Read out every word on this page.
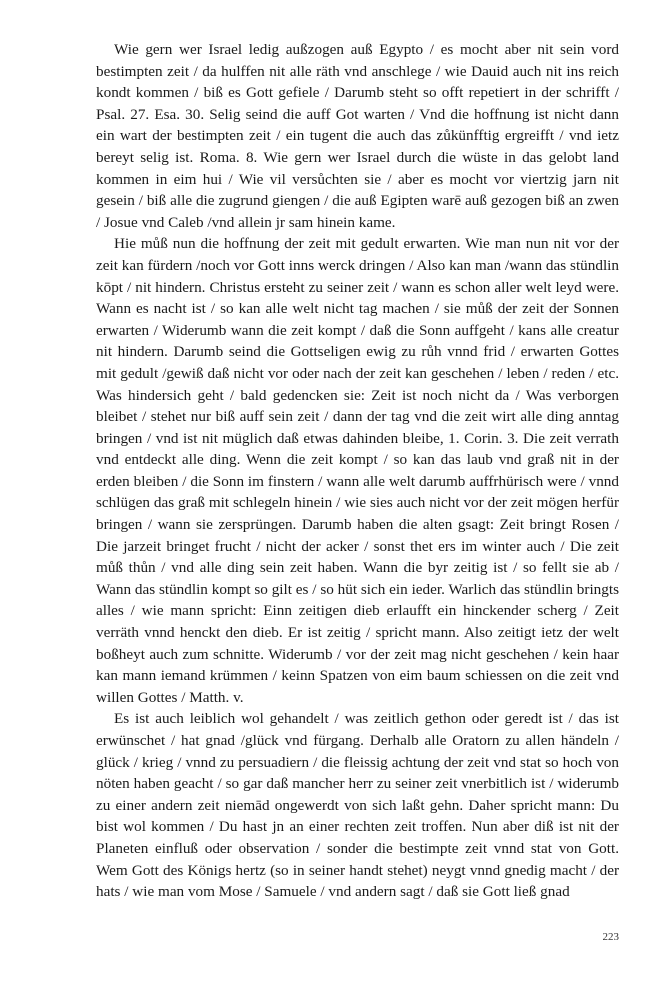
Wie gern wer Israel ledig außzogen auß Egypto / es mocht aber nit sein vord bestimpten zeit / da hulffen nit alle räth vnd anschlege / wie Dauid auch nit ins reich kondt kommen / biß es Gott gefiele / Darumb steht so offt repetiert in der schrifft / Psal. 27. Esa. 30. Selig seind die auff Got warten / Vnd die hoffnung ist nicht dann ein wart der bestimpten zeit / ein tugent die auch das zůkünfftig ergreifft / vnd ietz bereyt selig ist. Roma. 8. Wie gern wer Israel durch die wüste in das gelobt land kommen in eim hui / Wie vil versůchten sie / aber es mocht vor viertzig jarn nit gesein / biß alle die zugrund giengen / die auß Egipten warē auß gezogen biß an zwen / Josue vnd Caleb /vnd allein jr sam hinein kame.

Hie můß nun die hoffnung der zeit mit gedult erwarten. Wie man nun nit vor der zeit kan fürdern /noch vor Gott inns werck dringen / Also kan man /wann das stündlin kōpt / nit hindern. Christus ersteht zu seiner zeit / wann es schon aller welt leyd were. Wann es nacht ist / so kan alle welt nicht tag machen / sie můß der zeit der Sonnen erwarten / Widerumb wann die zeit kompt / daß die Sonn auffgeht / kans alle creatur nit hindern. Darumb seind die Gottseligen ewig zu růh vnnd frid / erwarten Gottes mit gedult /gewiß daß nicht vor oder nach der zeit kan geschehen / leben / reden / etc. Was hindersich geht / bald gedencken sie: Zeit ist noch nicht da / Was verborgen bleibet / stehet nur biß auff sein zeit / dann der tag vnd die zeit wirt alle ding anntag bringen / vnd ist nit müglich daß etwas dahinden bleibe, 1. Corin. 3. Die zeit verrath vnd entdeckt alle ding. Wenn die zeit kompt / so kan das laub vnd graß nit in der erden bleiben / die Sonn im finstern / wann alle welt darumb auffrhürisch were / vnnd schlügen das graß mit schlegeln hinein / wie sies auch nicht vor der zeit mögen herfür bringen / wann sie zersprüngen. Darumb haben die alten gsagt: Zeit bringt Rosen / Die jarzeit bringet frucht / nicht der acker / sonst thet ers im winter auch / Die zeit můß thůn / vnd alle ding sein zeit haben. Wann die byr zeitig ist / so fellt sie ab / Wann das stündlin kompt so gilt es / so hüt sich ein ieder. Warlich das stündlin bringts alles / wie mann spricht: Einn zeitigen dieb erlaufft ein hinckender scherg / Zeit verräth vnnd henckt den dieb. Er ist zeitig / spricht mann. Also zeitigt ietz der welt boßheyt auch zum schnitte. Widerumb / vor der zeit mag nicht geschehen / kein haar kan mann iemand krümmen / keinn Spatzen von eim baum schiessen on die zeit vnd willen Gottes / Matth. v.

Es ist auch leiblich wol gehandelt / was zeitlich gethon oder geredt ist / das ist erwünschet / hat gnad /glück vnd fürgang. Derhalb alle Oratorn zu allen händeln / glück / krieg / vnnd zu persuadiern / die fleissig achtung der zeit vnd stat so hoch von nöten haben geacht / so gar daß mancher herr zu seiner zeit vnerbitlich ist / widerumb zu einer andern zeit niemād ongewerdt von sich laßt gehn. Daher spricht mann: Du bist wol kommen / Du hast jn an einer rechten zeit troffen. Nun aber diß ist nit der Planeten einfluß oder observation / sonder die bestimpte zeit vnnd stat von Gott. Wem Gott des Königs hertz (so in seiner handt stehet) neygt vnnd gnedig macht / der hats / wie man vom Mose / Samuele / vnd andern sagt / daß sie Gott ließ gnad

223
